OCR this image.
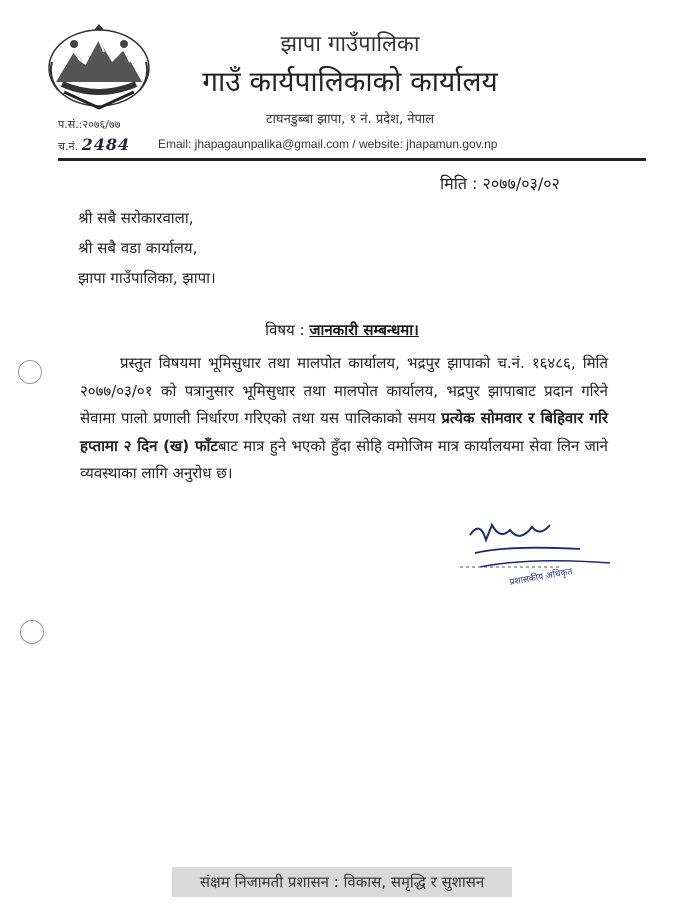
झापा गाउँपालिका
गाउँ कार्यपालिकाको कार्यालय
टाघनडुब्बा झापा, १ नं. प्रदेश, नेपाल
प.सं.:२०७६/७७
च.नं. 2484 Email: jhapagaunpalika@gmail.com / website: jhapamun.gov.np
मिति : २०७७/०३/०२
श्री सबै सरोकारवाला,
श्री सबै वडा कार्यालय,
झापा गाउँपालिका, झापा।
विषय : जानकारी सम्बन्धमा।
प्रस्तुत विषयमा भूमिसुधार तथा मालपोत कार्यालय, भद्रपुर झापाको च.नं. १६४८६, मिति २०७७/०३/०१ को पत्रानुसार भूमिसुधार तथा मालपोत कार्यालय, भद्रपुर झापाबाट प्रदान गरिने सेवामा पालो प्रणाली निर्धारण गरिएको तथा यस पालिकाको समय प्रत्येक सोमवार र बिहिवार गरि हप्तामा २ दिन (ख) फाँटबाट मात्र हुने भएको हुँदा सोहि वमोजिम मात्र कार्यालयमा सेवा लिन जाने व्यवस्थाका लागि अनुरोध छ।
प्रशासकीय अधिकृत
संक्षम निजामती प्रशासन : विकास, समृद्धि र सुशासन
